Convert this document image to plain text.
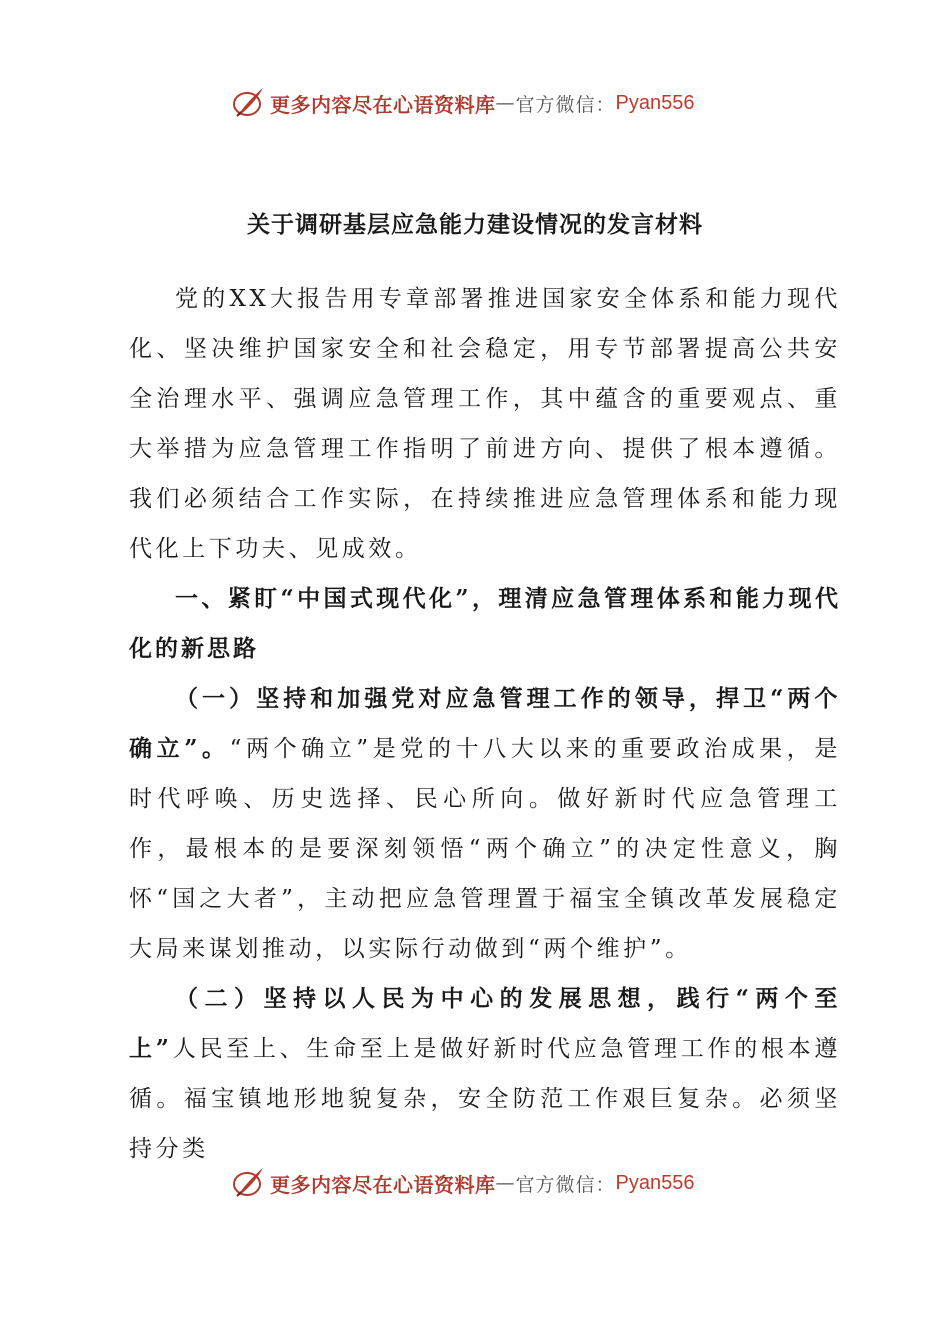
更多内容尽在心语资料库 — 官方微信： Pyan556
关于调研基层应急能力建设情况的发言材料

党的XX大报告用专章部署推进国家安全体系和能力现代化、坚决维护国家安全和社会稳定，用专节部署提高公共安全治理水平、强调应急管理工作，其中蕴含的重要观点、重大举措为应急管理工作指明了前进方向、提供了根本遵循。我们必须结合工作实际，在持续推进应急管理体系和能力现代化上下功夫、见成效。

一、紧盯“中国式现代化”，理清应急管理体系和能力现代化的新思路

（一）坚持和加强党对应急管理工作的领导，捍卫“两个确立”。“两个确立”是党的十八大以来的重要政治成果，是时代呼唤、历史选择、民心所向。做好新时代应急管理工作，最根本的是要深刻领悟“两个确立”的决定性意义，胸怀“国之大者”，主动把应急管理置于福宝全镇改革发展稳定大局来谋划推动，以实际行动做到“两个维护”。

（二）坚持以人民为中心的发展思想，践行“两个至上”人民至上、生命至上是做好新时代应急管理工作的根本遵循。福宝镇地形地貌复杂，安全防范工作艰巨复杂。必须坚持分类

更多内容尽在心语资料库 — 官方微信： Pyan556
